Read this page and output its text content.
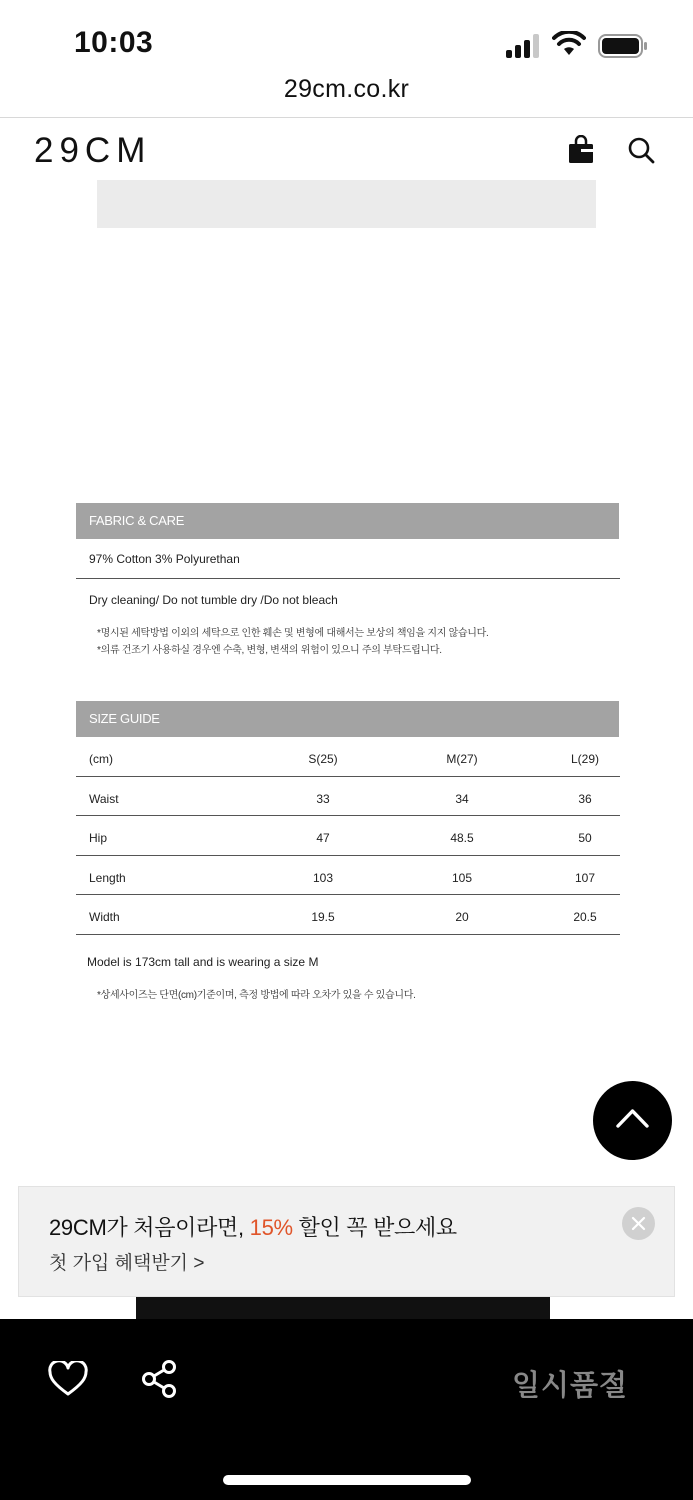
10:03
29cm.co.kr
29CM
FABRIC & CARE
97% Cotton 3% Polyurethan
Dry cleaning/ Do not tumble dry /Do not bleach
*명시된 세탁방법 이외의 세탁으로 인한 훼손 및 변형에 대해서는 보상의 책임을 지지 않습니다.
*의류 건조기 사용하실 경우엔 수축, 변형, 변색의 위험이 있으니 주의 부탁드립니다.
SIZE GUIDE
(cm)	S(25)	M(27)	L(29)
Waist	33	34	36
Hip	47	48.5	50
Length	103	105	107
Width	19.5	20	20.5
Model is 173cm tall and is wearing a size M
*상세사이즈는 단면(cm)기준이며, 측정 방법에 따라 오차가 있을 수 있습니다.
29CM가 처음이라면, 15% 할인 꼭 받으세요
첫 가입 혜택받기 >
일시품절
